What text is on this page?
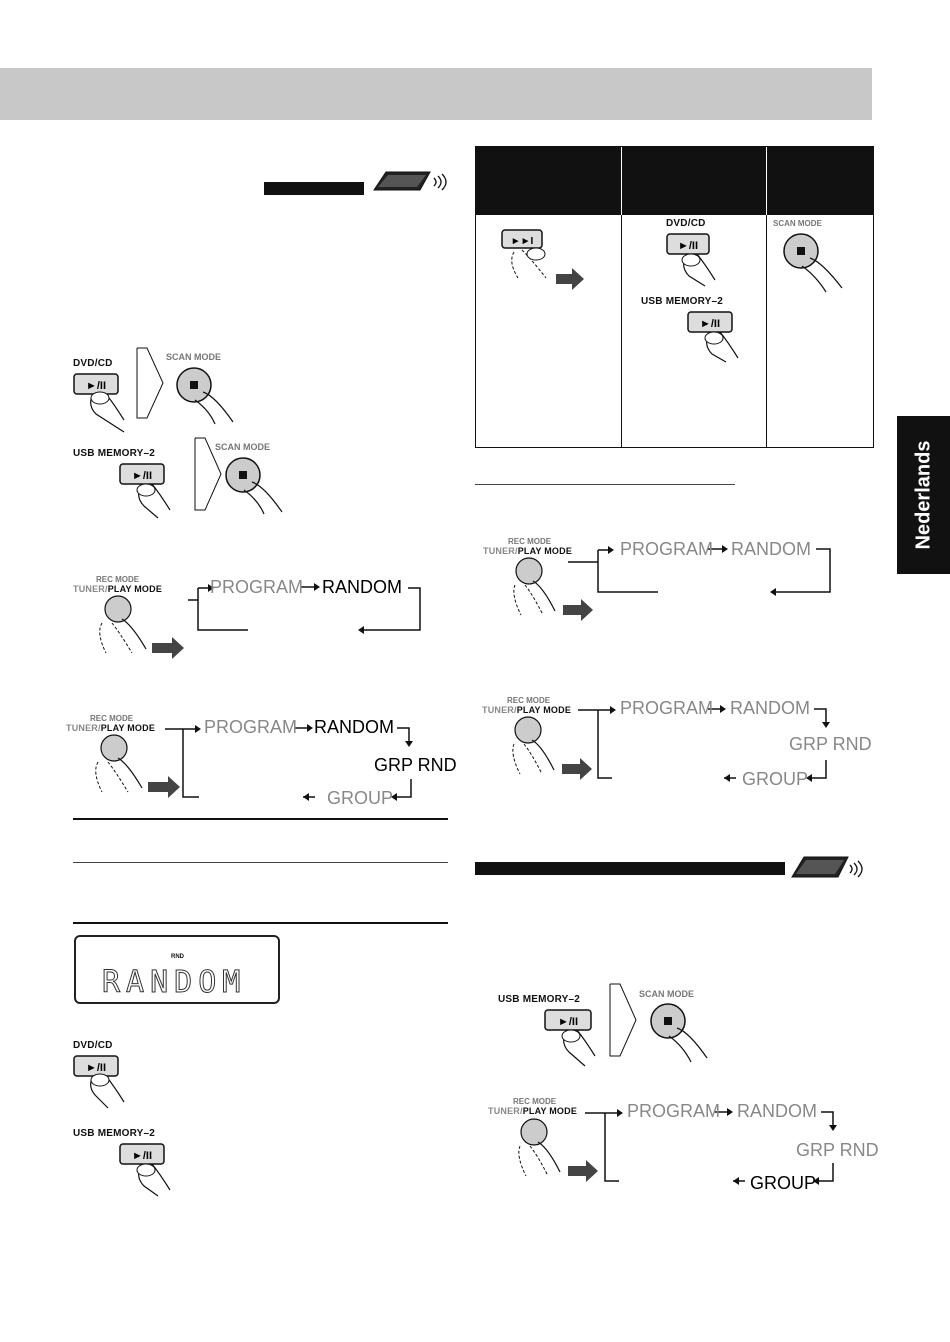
Nederlands
DVD/CD
►/II
SCAN MODE
USB MEMORY–2
►/II
SCAN MODE
REC MODE
TUNER/PLAY MODE	PROGRAM RANDOM
REC MODE
TUNER/PLAY MODE	PROGRAM RANDOM
GRP RND
GROUP
RND
RANDOM
DVD/CD
►/II
USB MEMORY–2
►/II
►►I
DVD/CD
►/II
USB MEMORY–2
►/II
SCAN MODE
REC MODE
TUNER/PLAY MODE	PROGRAM RANDOM
REC MODE
TUNER/PLAY MODE	PROGRAM RANDOM
GRP RND
GROUP
USB MEMORY–2
►/II
SCAN MODE
REC MODE
TUNER/PLAY MODE	PROGRAM RANDOM
GRP RND
GROUP
